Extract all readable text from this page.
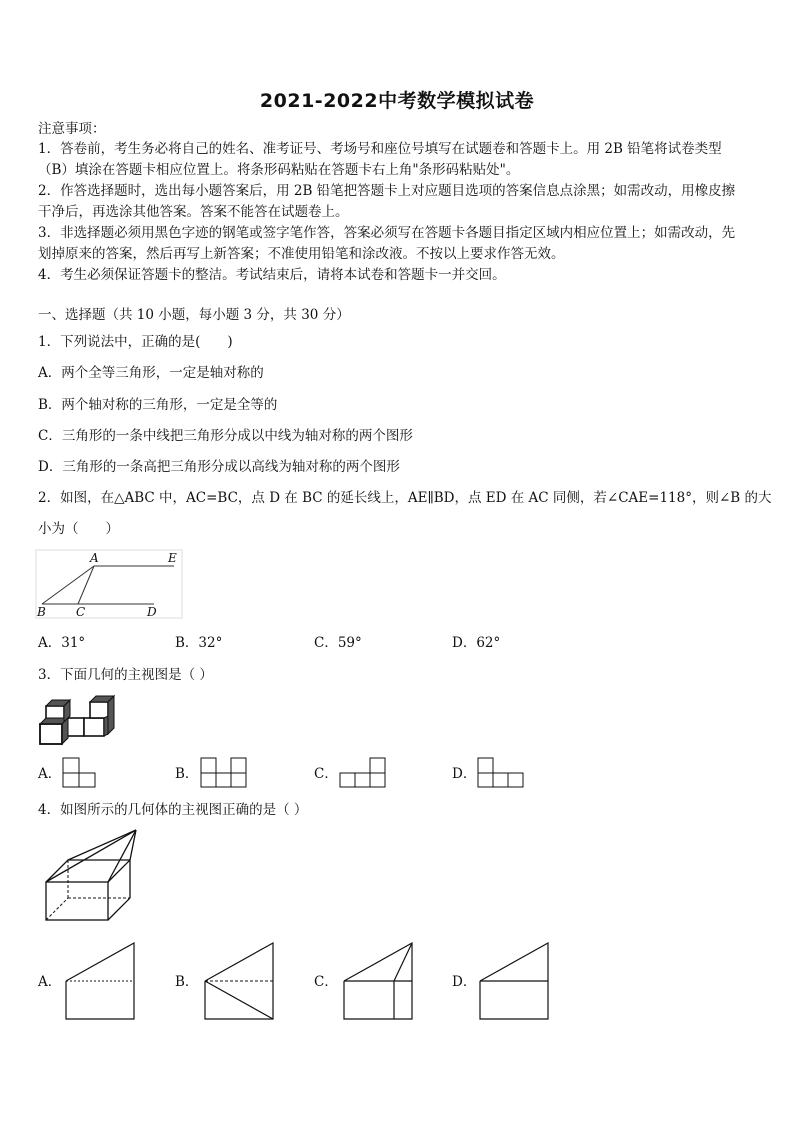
2021-2022中考数学模拟试卷
注意事项：
1．答卷前，考生务必将自己的姓名、准考证号、考场号和座位号填写在试题卷和答题卡上。用 2B 铅笔将试卷类型
（B）填涂在答题卡相应位置上。将条形码粘贴在答题卡右上角"条形码粘贴处"。
2．作答选择题时，选出每小题答案后，用 2B 铅笔把答题卡上对应题目选项的答案信息点涂黑；如需改动，用橡皮擦
干净后，再选涂其他答案。答案不能答在试题卷上。
3．非选择题必须用黑色字迹的钢笔或签字笔作答，答案必须写在答题卡各题目指定区域内相应位置上；如需改动，先
划掉原来的答案，然后再写上新答案；不准使用铅笔和涂改液。不按以上要求作答无效。
4．考生必须保证答题卡的整洁。考试结束后，请将本试卷和答题卡一并交回。
一、选择题（共 10 小题，每小题 3 分，共 30 分）
1．下列说法中，正确的是(　　)
A．两个全等三角形，一定是轴对称的
B．两个轴对称的三角形，一定是全等的
C．三角形的一条中线把三角形分成以中线为轴对称的两个图形
D．三角形的一条高把三角形分成以高线为轴对称的两个图形
2．如图，在△ABC 中，AC=BC，点 D 在 BC 的延长线上，AE∥BD，点 ED 在 AC 同侧，若∠CAE=118°，则∠B 的大
小为（　　）
A	E
B	C	D
A．31°	B．32°	C．59°	D．62°
3．下面几何的主视图是（ ）
A．	B．	C．	D．
4．如图所示的几何体的主视图正确的是（ ）
A．	B．	C．	D．
